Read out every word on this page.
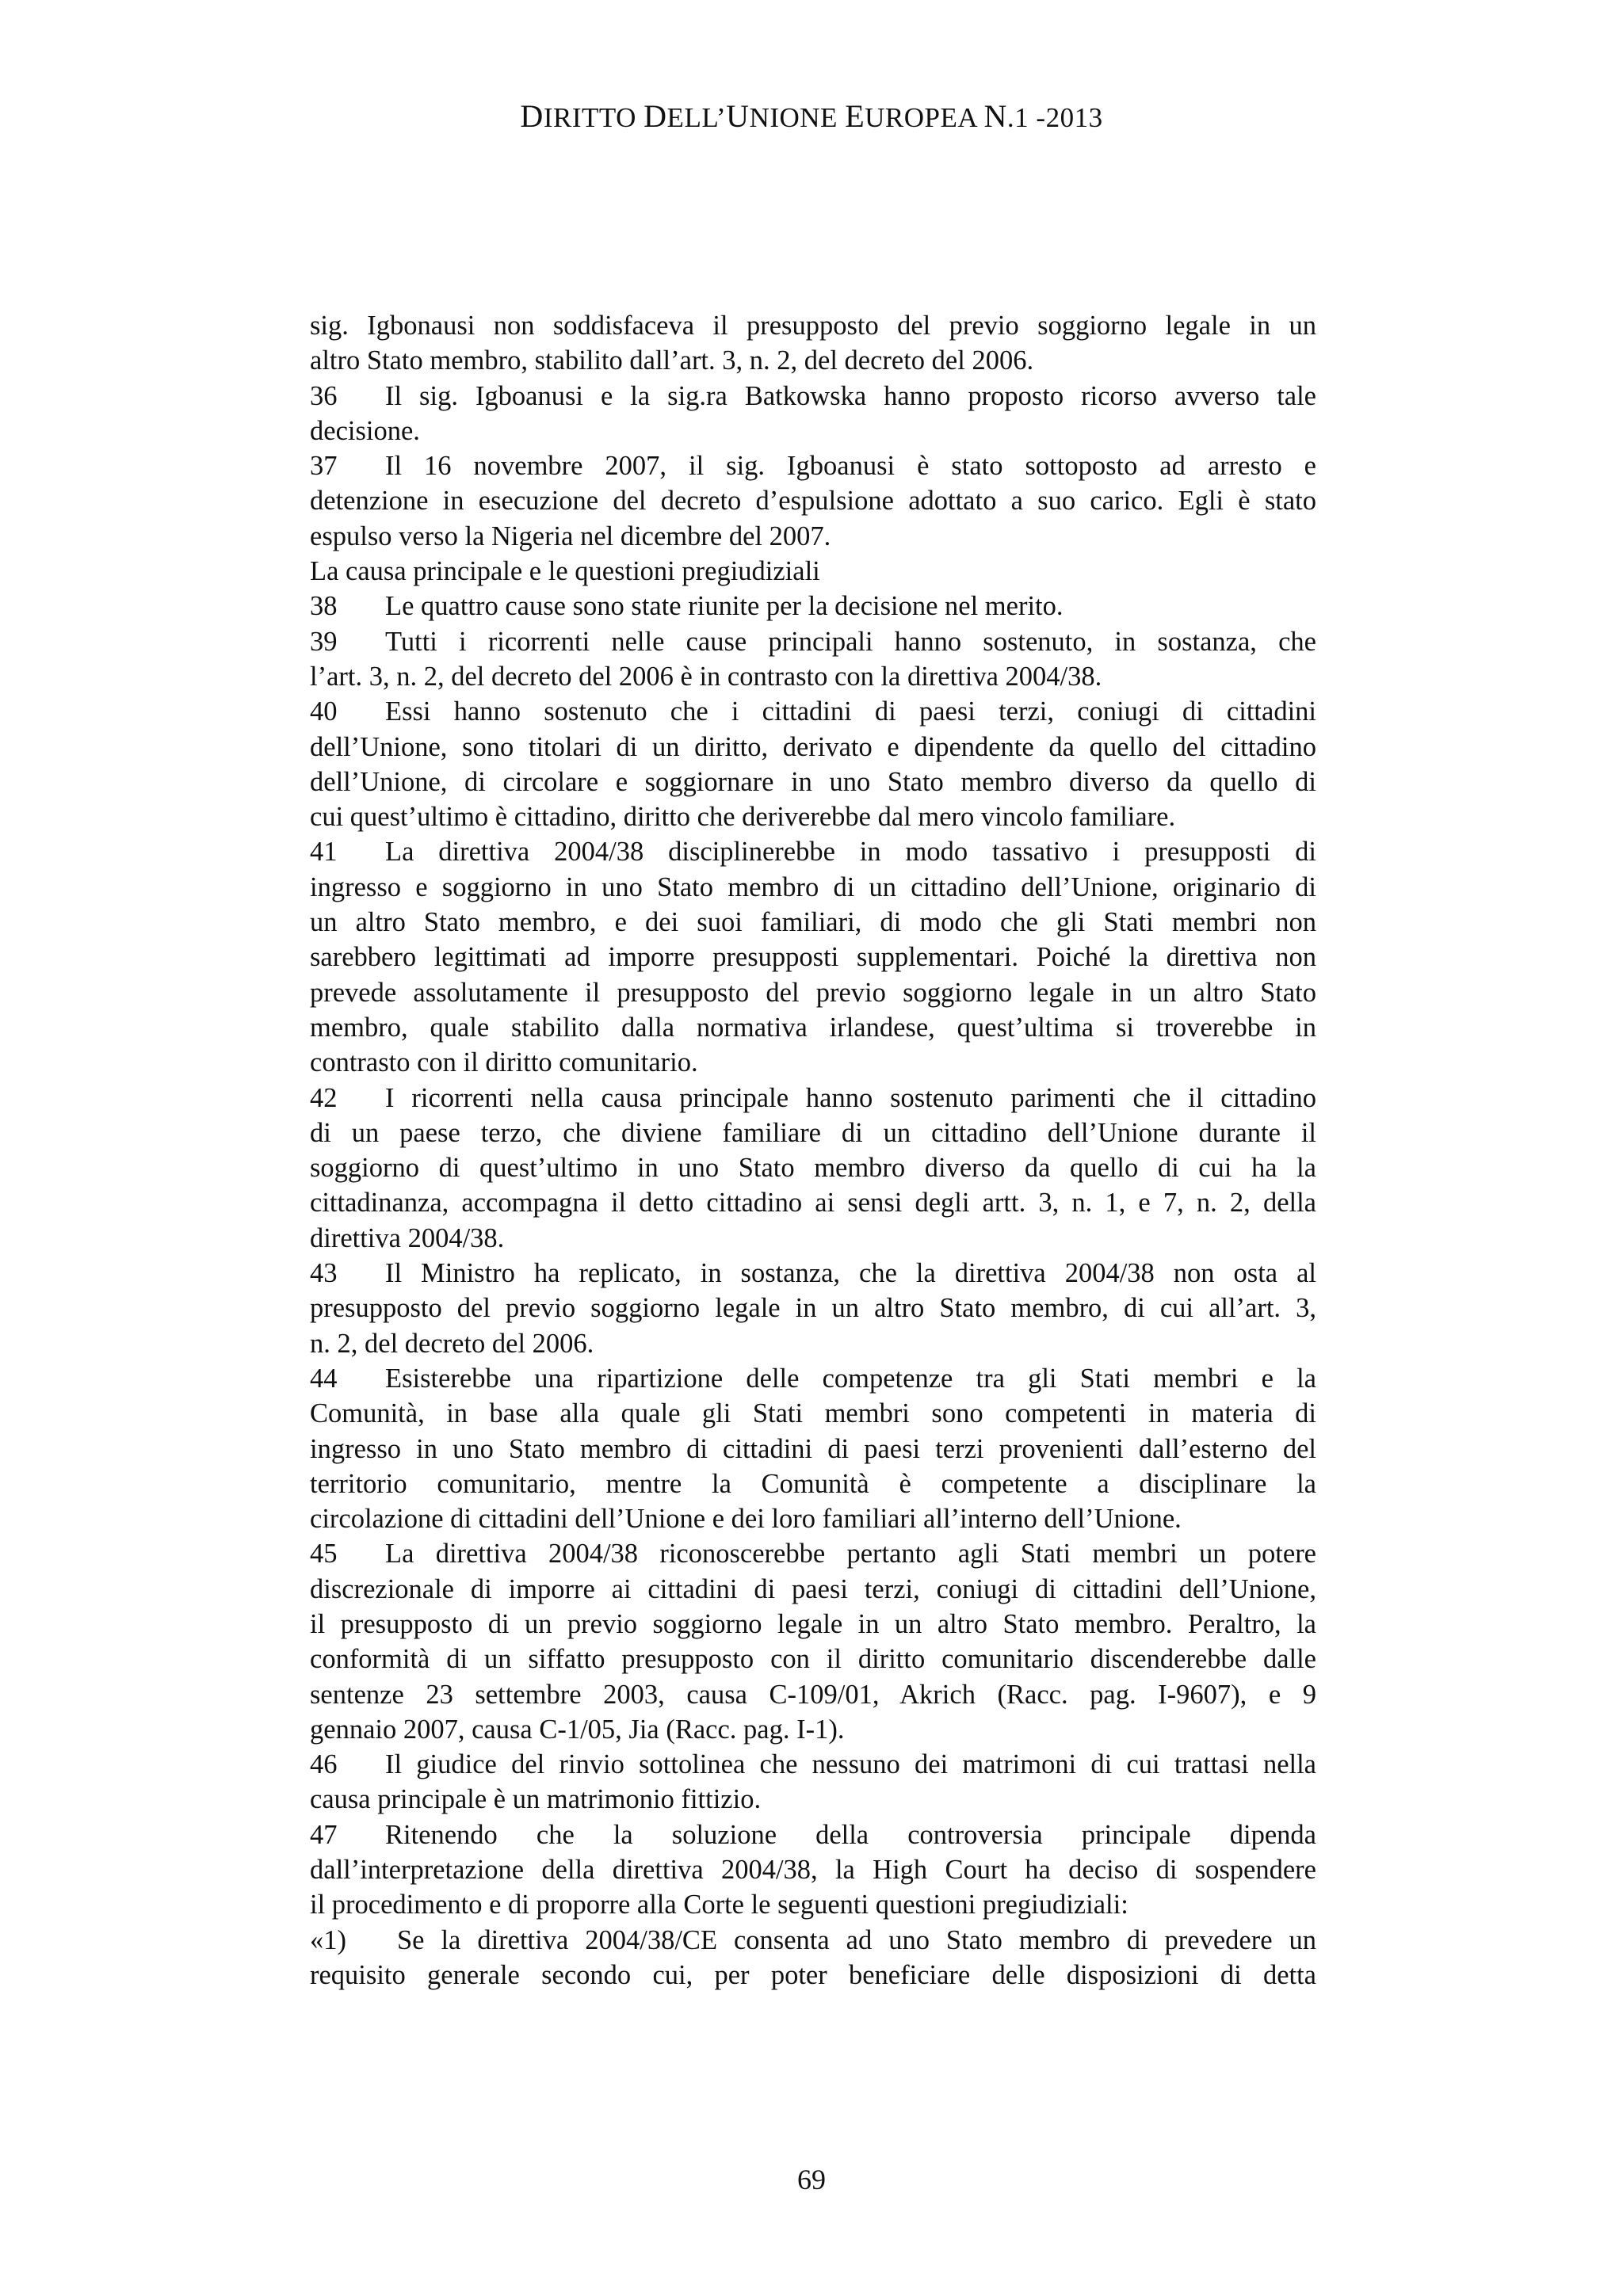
DIRITTO DELL’UNIONE EUROPEA N.1 -2013
sig. Igbonausi non soddisfaceva il presupposto del previo soggiorno legale in un
altro Stato membro, stabilito dall’art. 3, n. 2, del decreto del 2006.
36 Il sig. Igboanusi e la sig.ra Batkowska hanno proposto ricorso avverso tale
decisione.
37 Il 16 novembre 2007, il sig. Igboanusi è stato sottoposto ad arresto e
detenzione in esecuzione del decreto d’espulsione adottato a suo carico. Egli è stato
espulso verso la Nigeria nel dicembre del 2007.
La causa principale e le questioni pregiudiziali
38 Le quattro cause sono state riunite per la decisione nel merito.
39 Tutti i ricorrenti nelle cause principali hanno sostenuto, in sostanza, che
l’art. 3, n. 2, del decreto del 2006 è in contrasto con la direttiva 2004/38.
40 Essi hanno sostenuto che i cittadini di paesi terzi, coniugi di cittadini
dell’Unione, sono titolari di un diritto, derivato e dipendente da quello del cittadino
dell’Unione, di circolare e soggiornare in uno Stato membro diverso da quello di
cui quest’ultimo è cittadino, diritto che deriverebbe dal mero vincolo familiare.
41 La direttiva 2004/38 disciplinerebbe in modo tassativo i presupposti di
ingresso e soggiorno in uno Stato membro di un cittadino dell’Unione, originario di
un altro Stato membro, e dei suoi familiari, di modo che gli Stati membri non
sarebbero legittimati ad imporre presupposti supplementari. Poiché la direttiva non
prevede assolutamente il presupposto del previo soggiorno legale in un altro Stato
membro, quale stabilito dalla normativa irlandese, quest’ultima si troverebbe in
contrasto con il diritto comunitario.
42 I ricorrenti nella causa principale hanno sostenuto parimenti che il cittadino
di un paese terzo, che diviene familiare di un cittadino dell’Unione durante il
soggiorno di quest’ultimo in uno Stato membro diverso da quello di cui ha la
cittadinanza, accompagna il detto cittadino ai sensi degli artt. 3, n. 1, e 7, n. 2, della
direttiva 2004/38.
43 Il Ministro ha replicato, in sostanza, che la direttiva 2004/38 non osta al
presupposto del previo soggiorno legale in un altro Stato membro, di cui all’art. 3,
n. 2, del decreto del 2006.
44 Esisterebbe una ripartizione delle competenze tra gli Stati membri e la
Comunità, in base alla quale gli Stati membri sono competenti in materia di
ingresso in uno Stato membro di cittadini di paesi terzi provenienti dall’esterno del
territorio comunitario, mentre la Comunità è competente a disciplinare la
circolazione di cittadini dell’Unione e dei loro familiari all’interno dell’Unione.
45 La direttiva 2004/38 riconoscerebbe pertanto agli Stati membri un potere
discrezionale di imporre ai cittadini di paesi terzi, coniugi di cittadini dell’Unione,
il presupposto di un previo soggiorno legale in un altro Stato membro. Peraltro, la
conformità di un siffatto presupposto con il diritto comunitario discenderebbe dalle
sentenze 23 settembre 2003, causa C-109/01, Akrich (Racc. pag. I-9607), e 9
gennaio 2007, causa C-1/05, Jia (Racc. pag. I-1).
46 Il giudice del rinvio sottolinea che nessuno dei matrimoni di cui trattasi nella
causa principale è un matrimonio fittizio.
47 Ritenendo che la soluzione della controversia principale dipenda
dall’interpretazione della direttiva 2004/38, la High Court ha deciso di sospendere
il procedimento e di proporre alla Corte le seguenti questioni pregiudiziali:
«1) Se la direttiva 2004/38/CE consenta ad uno Stato membro di prevedere un
requisito generale secondo cui, per poter beneficiare delle disposizioni di detta
69
